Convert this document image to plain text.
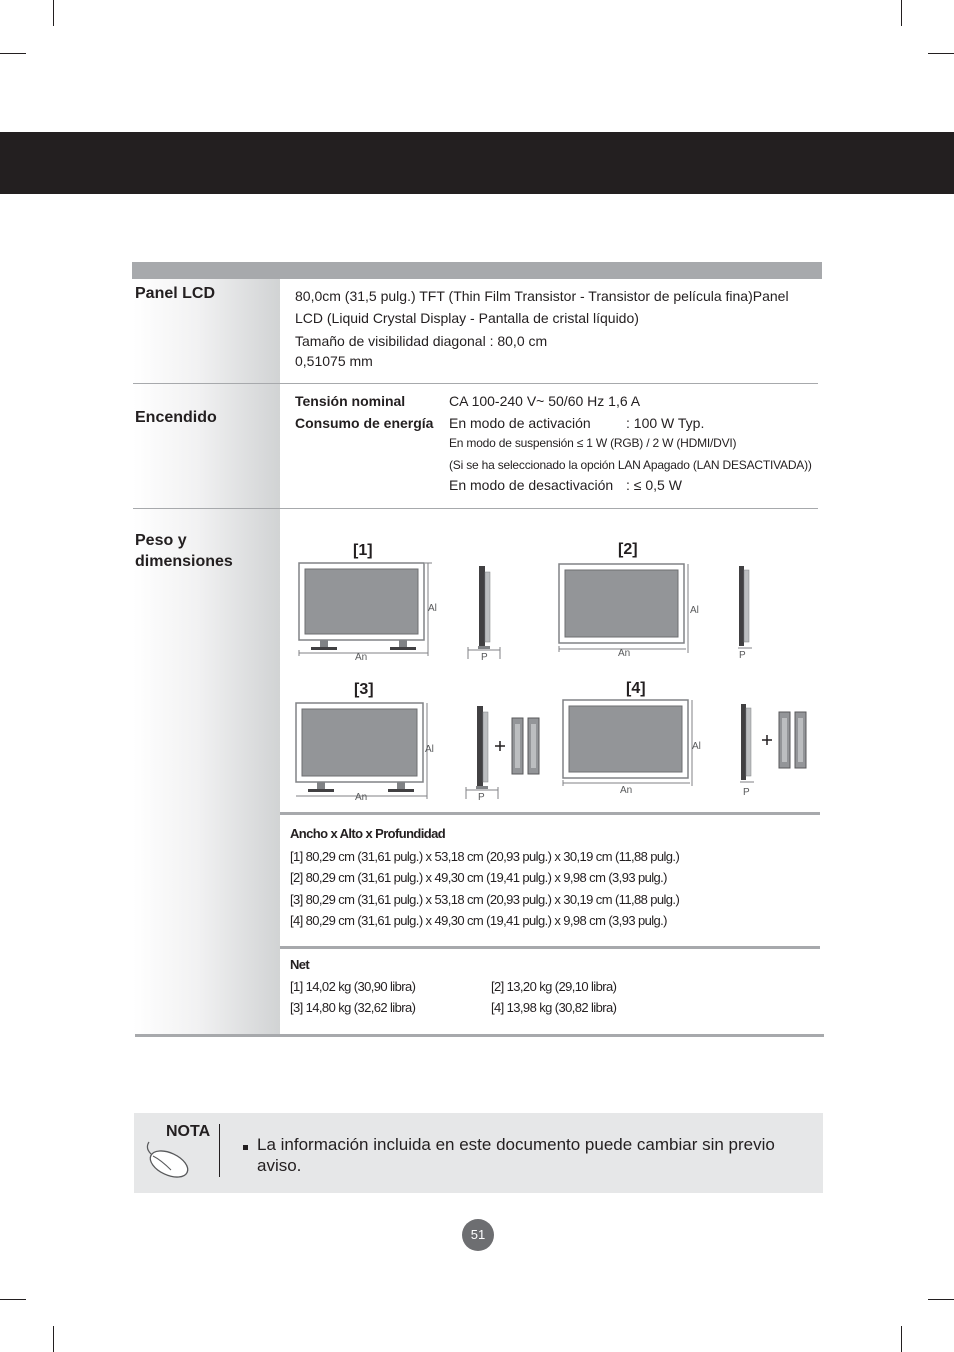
Panel LCD	80,0cm (31,5 pulg.) TFT (Thin Film Transistor - Transistor de película fina)Panel
LCD (Liquid Crystal Display - Pantalla de cristal líquido)
Tamaño de visibilidad diagonal : 80,0 cm
0,51075 mm
Encendido
Tensión nominal	CA 100-240 V~ 50/60 Hz 1,6 A
Consumo de energía En modo de activación	: 100 W Typ.
En modo de suspensión ≤ 1 W (RGB) / 2 W (HDMI/DVI)
(Si se ha seleccionado la opción LAN Apagado (LAN DESACTIVADA))
En modo de desactivación : ≤ 0,5 W
Peso y
dimensiones
[1]	[2]
[3]	[4]
Al
An	P
Al
An	P
Al
An	P
Al
An	P
Ancho x Alto x Profundidad
[1] 80,29 cm (31,61 pulg.) x 53,18 cm (20,93 pulg.) x 30,19 cm (11,88 pulg.)
[2] 80,29 cm (31,61 pulg.) x 49,30 cm (19,41 pulg.) x 9,98 cm (3,93 pulg.)
[3] 80,29 cm (31,61 pulg.) x 53,18 cm (20,93 pulg.) x 30,19 cm (11,88 pulg.)
[4] 80,29 cm (31,61 pulg.) x 49,30 cm (19,41 pulg.) x 9,98 cm (3,93 pulg.)
Net
[1] 14,02 kg (30,90 libra)	[2] 13,20 kg (29,10 libra)
[3] 14,80 kg (32,62 libra)	[4] 13,98 kg (30,82 libra)
NOTA
La información incluida en este documento puede cambiar sin previo aviso.
51
